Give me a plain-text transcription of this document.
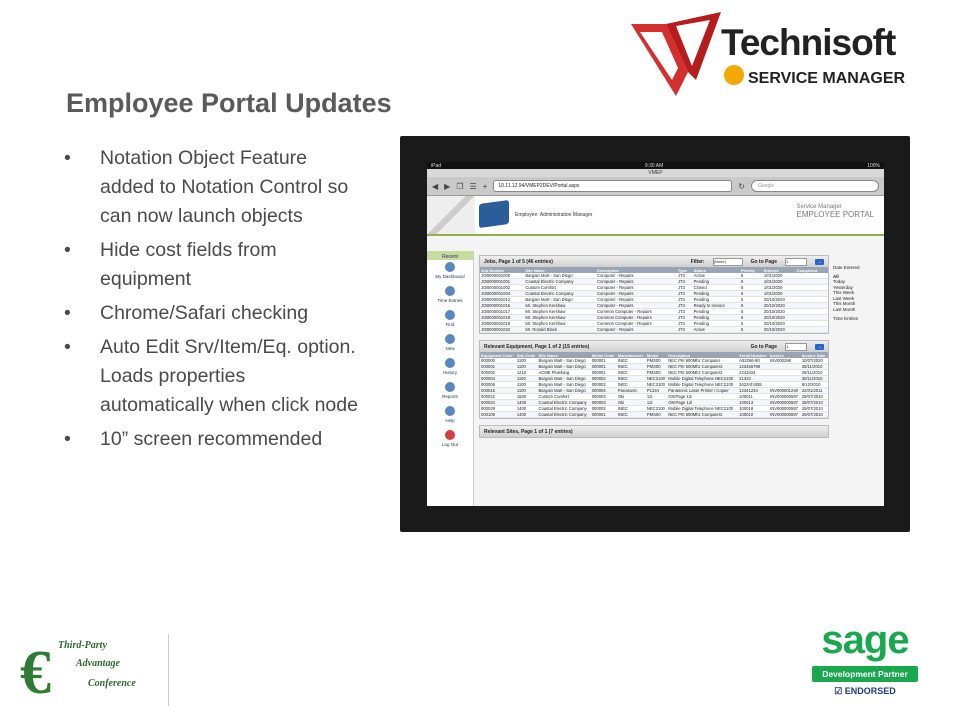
Technisoft
SERVICE MANAGER
Employee Portal Updates
• Notation Object Feature added to Notation Control so can now launch objects
• Hide cost fields from equipment
• Chrome/Safari checking
• Auto Edit Srv/Item/Eq. option. Loads properties automatically when click node
• 10” screen recommended
iPad	9:30 AM	100%
VMEP
◀ ▶ ❐ ☰ +	10.11.12.94/VMEP2DEV/Portal.aspx	↻	Google
Employee: Administration Manager
Service Manager
EMPLOYEE PORTAL
Recent
My Dashboard
Time Entries
Find
New
History
Reports
Help
Log Out
Jobs, Page 1 of 5 (46 entries)	Filter: (None)	Go to Page 1	→
Job Number	Site Name	Description	Type	Status	Priority	Entered	Completed
JOB000001000	Bargain Mart - San Diego	Computer - Repairs	JT3	Active	5	1/01/2020	
JOB000001001	Coastal Electric Company	Computer - Repairs	JT3	Pending	5	1/01/2020	
JOB000001002	Custom Comfort	Computer - Repairs	JT3	Closed	5	1/01/2020	
JOB000001004	Coastal Electric Company	Computer - Repairs	JT3	Pending	5	1/01/2020	
JOB000001012	Bargain Mart - San Diego	Computer - Repairs	JT3	Pending	5	20/10/2020	
JOB000001016	Mr. Stephen Kershaw	Computer - Repairs	JT3	Ready to Invoice	5	20/10/2020	
JOB000001017	Mr. Stephen Kershaw	Common Computer - Repairs	JT3	Pending	5	20/10/2020	
JOB000001018	Mr. Stephen Kershaw	Common Computer - Repairs	JT3	Pending	5	20/10/2020	
JOB000001019	Mr. Stephen Kershaw	Common Computer - Repairs	JT3	Pending	5	20/10/2020	
JOB000001022	Mr. Ronald Black	Computer - Repairs	JT3	Active	5	20/10/2020	
Relevant Equipment, Page 1 of 2 (15 entries)	Go to Page 1	→
Equipment Code	Site Code	Site Name	Model Code	Manufacturer	Model	Description	Serial Number	Invoice	Invoice Date
000000	1100	Bargain Mart - San Diego	000001	INEC	PMS00	NEC PIII 500Mhz Computer	A53266-90	INV000298	10/07/2020
000001	1100	Bargain Mart - San Diego	000001	INEC	PMS00	NEC PIII 500Mhz Computer2	123456789		28/11/2010
000002	1210	ACME Plumbing	000001	INEC	PMS00	NEC PIII 500Mhz Computer2	2243424		28/11/2010
000004	1100	Bargain Mart - San Diego	000002	INEC	NEC2100	Mobile Digital Telephone NEC2100	21333		28/11/2010
000006	1100	Bargain Mart - San Diego	000002	INEC	NEC2100	Mobile Digital Telephone NEC2100	3422rrf4455		8/12/2010
000015	1100	Bargain Mart - San Diego	000004	Panasonic	P1234	Panasonic Laser Printer / Copier	12341234	INV000001240	22/01/2011
000022	1500	Custom Comfort	000003	Oki	12i	OKIPage 12i	100011	INV000000597	29/07/2010
000024	1400	Coastal Electric Company	000003	Oki	12i	OKIPage 12i	100013	INV000000597	29/07/2010
000029	1400	Coastal Electric Company	000002	INEC	NEC2100	Mobile Digital Telephone NEC2100	100018	INV000000597	29/07/2010
000109	1400	Coastal Electric Company	000001	INEC	PMS00	NEC PIII 500Mhz Computer2	100010	INV000000597	29/07/2010
Relevant Sites, Page 1 of 1 (7 entries)
Date Entered
All
Today
Yesterday
This Week
Last Week
This Month
Last Month
Time Entries
€ Third-Party
Advantage
Conference
sage
Development Partner
☑ ENDORSED
